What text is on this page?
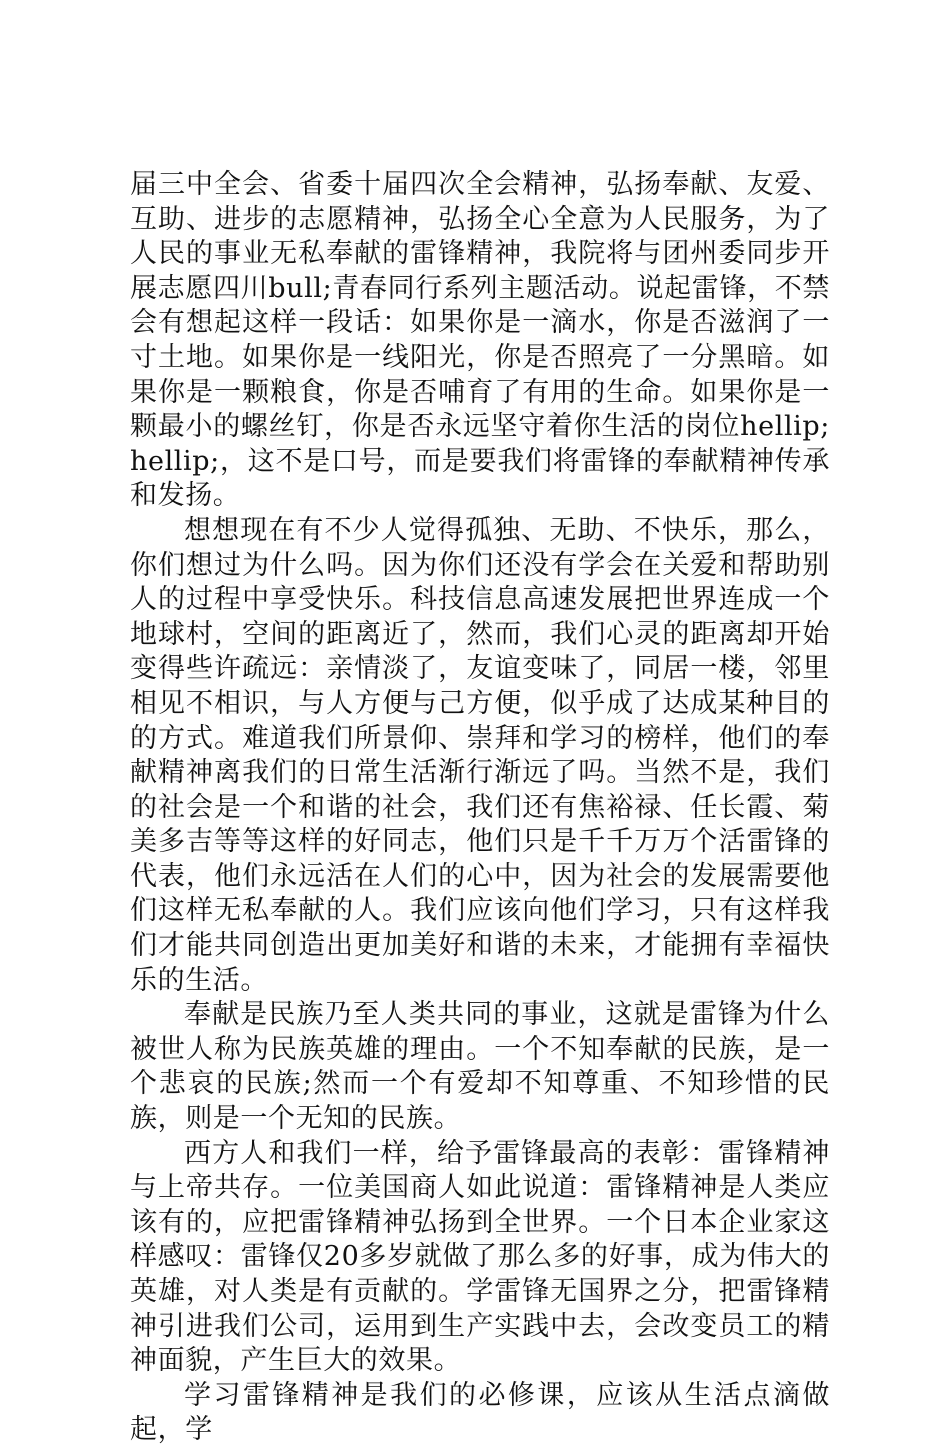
届三中全会、省委十届四次全会精神，弘扬奉献、友爱、互助、进步的志愿精神，弘扬全心全意为人民服务，为了人民的事业无私奉献的雷锋精神，我院将与团州委同步开展志愿四川bull;青春同行系列主题活动。说起雷锋，不禁会有想起这样一段话：如果你是一滴水，你是否滋润了一寸土地。如果你是一线阳光，你是否照亮了一分黑暗。如果你是一颗粮食，你是否哺育了有用的生命。如果你是一颗最小的螺丝钉，你是否永远坚守着你生活的岗位hellip;hellip;，这不是口号，而是要我们将雷锋的奉献精神传承和发扬。

想想现在有不少人觉得孤独、无助、不快乐，那么，你们想过为什么吗。因为你们还没有学会在关爱和帮助别人的过程中享受快乐。科技信息高速发展把世界连成一个地球村，空间的距离近了，然而，我们心灵的距离却开始变得些许疏远：亲情淡了，友谊变味了，同居一楼，邻里相见不相识，与人方便与己方便，似乎成了达成某种目的的方式。难道我们所景仰、崇拜和学习的榜样，他们的奉献精神离我们的日常生活渐行渐远了吗。当然不是，我们的社会是一个和谐的社会，我们还有焦裕禄、任长霞、菊美多吉等等这样的好同志，他们只是千千万万个活雷锋的代表，他们永远活在人们的心中，因为社会的发展需要他们这样无私奉献的人。我们应该向他们学习，只有这样我们才能共同创造出更加美好和谐的未来，才能拥有幸福快乐的生活。

奉献是民族乃至人类共同的事业，这就是雷锋为什么被世人称为民族英雄的理由。一个不知奉献的民族，是一个悲哀的民族;然而一个有爱却不知尊重、不知珍惜的民族，则是一个无知的民族。

西方人和我们一样，给予雷锋最高的表彰：雷锋精神与上帝共存。一位美国商人如此说道：雷锋精神是人类应该有的，应把雷锋精神弘扬到全世界。一个日本企业家这样感叹：雷锋仅20多岁就做了那么多的好事，成为伟大的英雄，对人类是有贡献的。学雷锋无国界之分，把雷锋精神引进我们公司，运用到生产实践中去，会改变员工的精神面貌，产生巨大的效果。

学习雷锋精神是我们的必修课，应该从生活点滴做起，学
